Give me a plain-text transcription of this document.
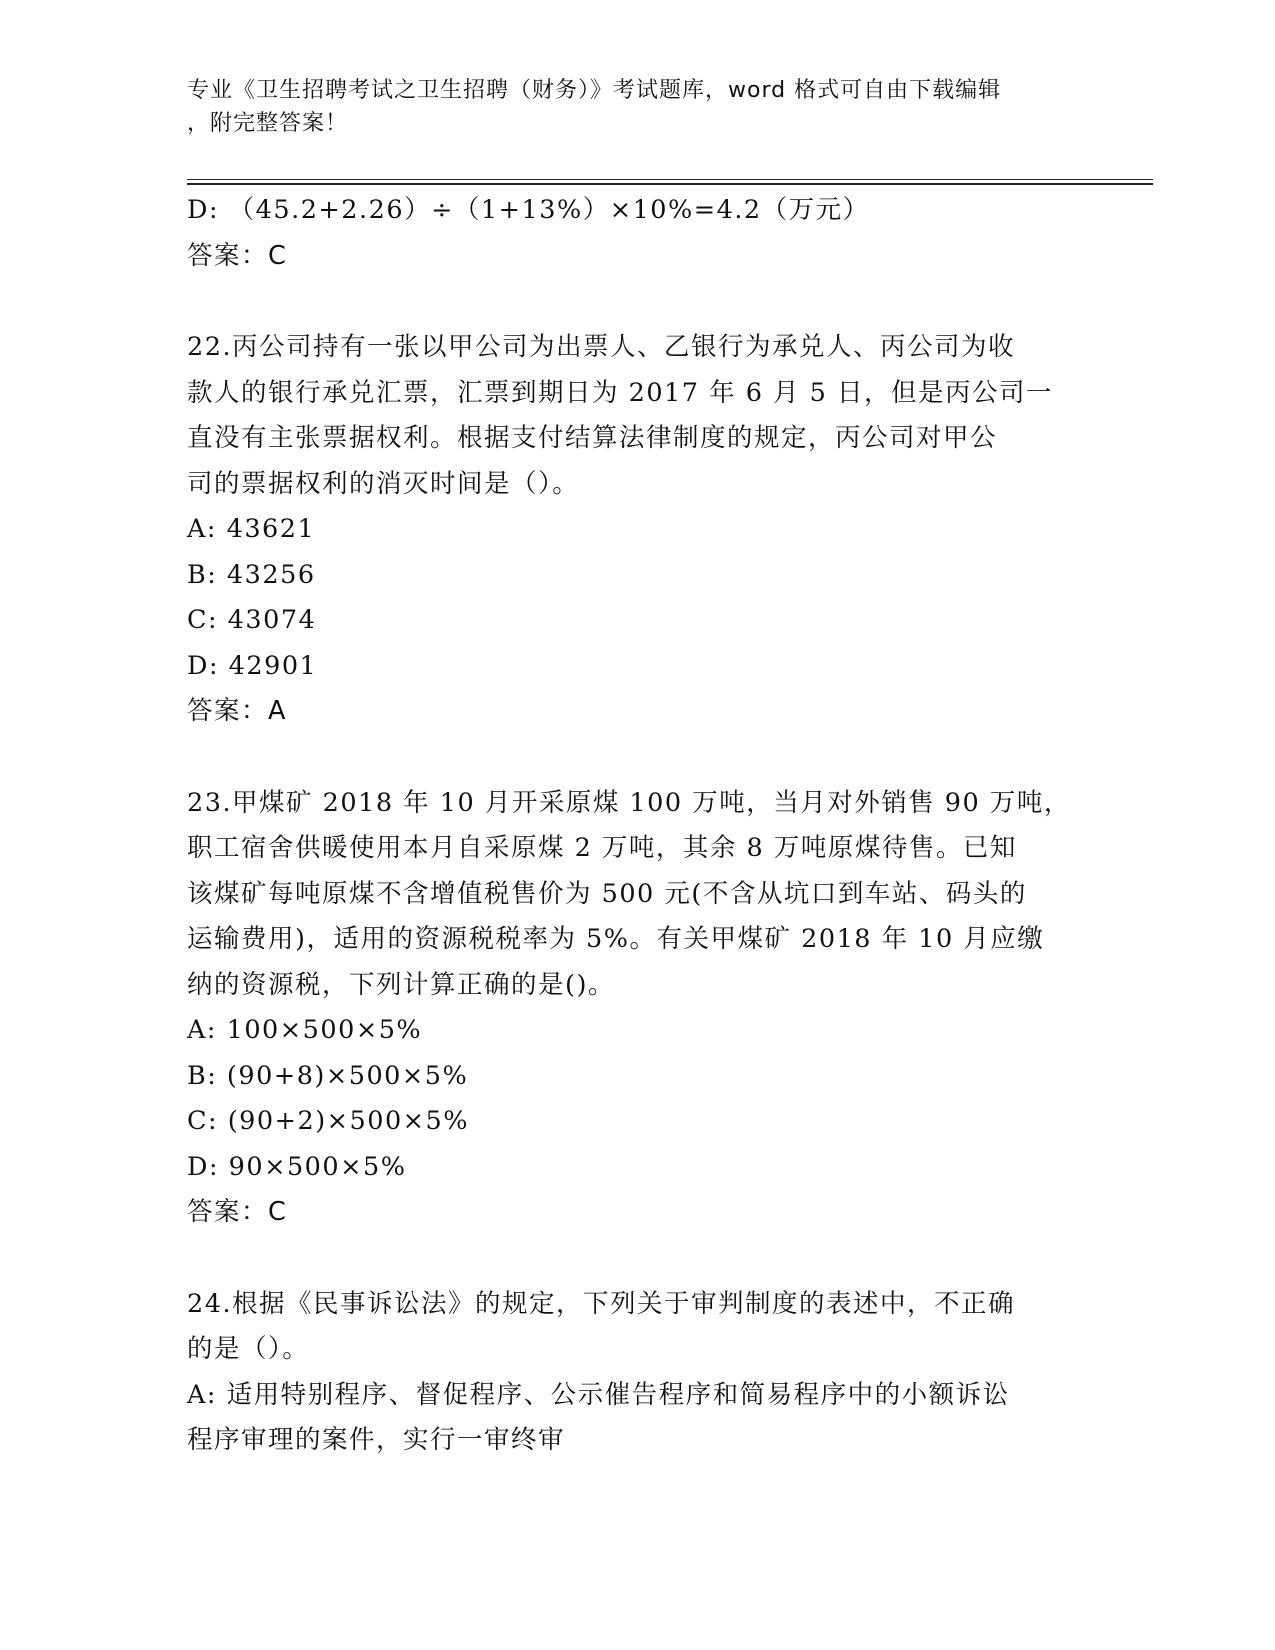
专业《卫生招聘考试之卫生招聘（财务）》考试题库，word 格式可自由下载编辑
，附完整答案！
D: （45.2+2.26）÷（1+13%）×10%=4.2（万元）
答案：C
22.丙公司持有一张以甲公司为出票人、乙银行为承兑人、丙公司为收
款人的银行承兑汇票，汇票到期日为 2017 年 6 月 5 日，但是丙公司一
直没有主张票据权利。根据支付结算法律制度的规定，丙公司对甲公
司的票据权利的消灭时间是（）。
A: 43621
B: 43256
C: 43074
D: 42901
答案：A
23.甲煤矿 2018 年 10 月开采原煤 100 万吨，当月对外销售 90 万吨，
职工宿舍供暖使用本月自采原煤 2 万吨，其余 8 万吨原煤待售。已知
该煤矿每吨原煤不含增值税售价为 500 元(不含从坑口到车站、码头的
运输费用)，适用的资源税税率为 5%。有关甲煤矿 2018 年 10 月应缴
纳的资源税，下列计算正确的是()。
A: 100×500×5%
B: (90+8)×500×5%
C: (90+2)×500×5%
D: 90×500×5%
答案：C
24.根据《民事诉讼法》的规定，下列关于审判制度的表述中，不正确
的是（）。
A: 适用特别程序、督促程序、公示催告程序和简易程序中的小额诉讼
程序审理的案件，实行一审终审
